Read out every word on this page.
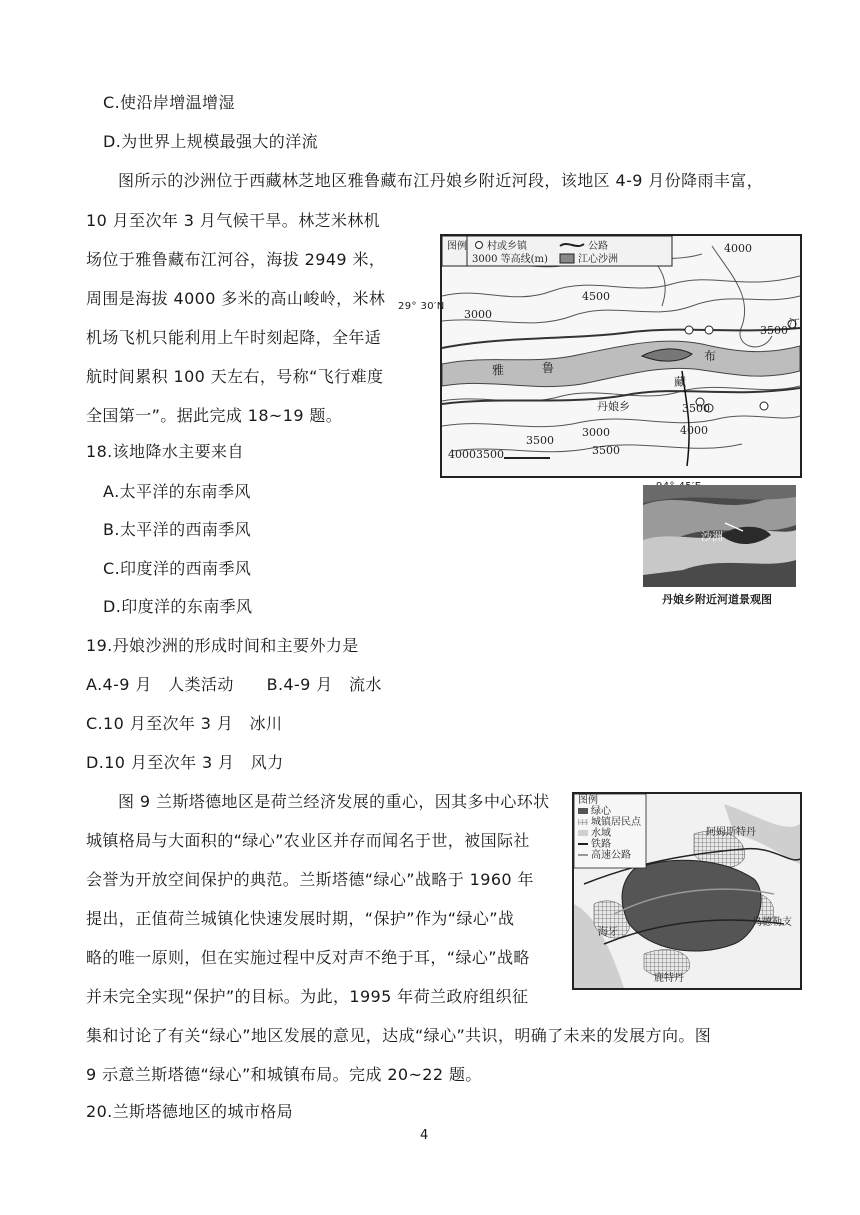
C.使沿岸增温增湿
D.为世界上规模最强大的洋流
图所示的沙洲位于西藏林芝地区雅鲁藏布江丹娘乡附近河段，该地区 4-9 月份降雨丰富，
10 月至次年 3 月气候干旱。林芝米林机
场位于雅鲁藏布江河谷，海拔 2949 米，
周围是海拔 4000 多米的高山峻岭，米林
机场飞机只能利用上午时刻起降，全年适
航时间累积 100 天左右，号称“飞行难度
全国第一”。据此完成 18~19 题。
18.该地降水主要来自
A.太平洋的东南季风
B.太平洋的西南季风
C.印度洋的西南季风
D.印度洋的东南季风
19.丹娘沙洲的形成时间和主要外力是
A.4-9 月　人类活动　　B.4-9 月　流水
C.10 月至次年 3 月　冰川
D.10 月至次年 3 月　风力
图 9 兰斯塔德地区是荷兰经济发展的重心，因其多中心环状
城镇格局与大面积的“绿心”农业区并存而闻名于世，被国际社
会誉为开放空间保护的典范。兰斯塔德“绿心”战略于 1960 年
提出，正值荷兰城镇化快速发展时期，“保护”作为“绿心”战
略的唯一原则，但在实施过程中反对声不绝于耳，“绿心”战略
并未完全实现“保护”的目标。为此，1995 年荷兰政府组织征
集和讨论了有关“绿心”地区发展的意见，达成“绿心”共识，明确了未来的发展方向。图
9 示意兰斯塔德“绿心”和城镇布局。完成 20~22 题。
20.兰斯塔德地区的城市格局
4
图例 村或乡镇	公路
3000 等高线(m)	江心沙洲
4000
4500
3000
3500
3500
4000
3000
3500
3500
4000 3500
丹娘乡
雅	鲁
藏
布
江
29° 30′N
沙洲
丹娘乡附近河道景观图
图例
绿心
城镇居民点
水域
铁路
高速公路
阿姆斯特丹
乌德勒支
海牙
鹿特丹
